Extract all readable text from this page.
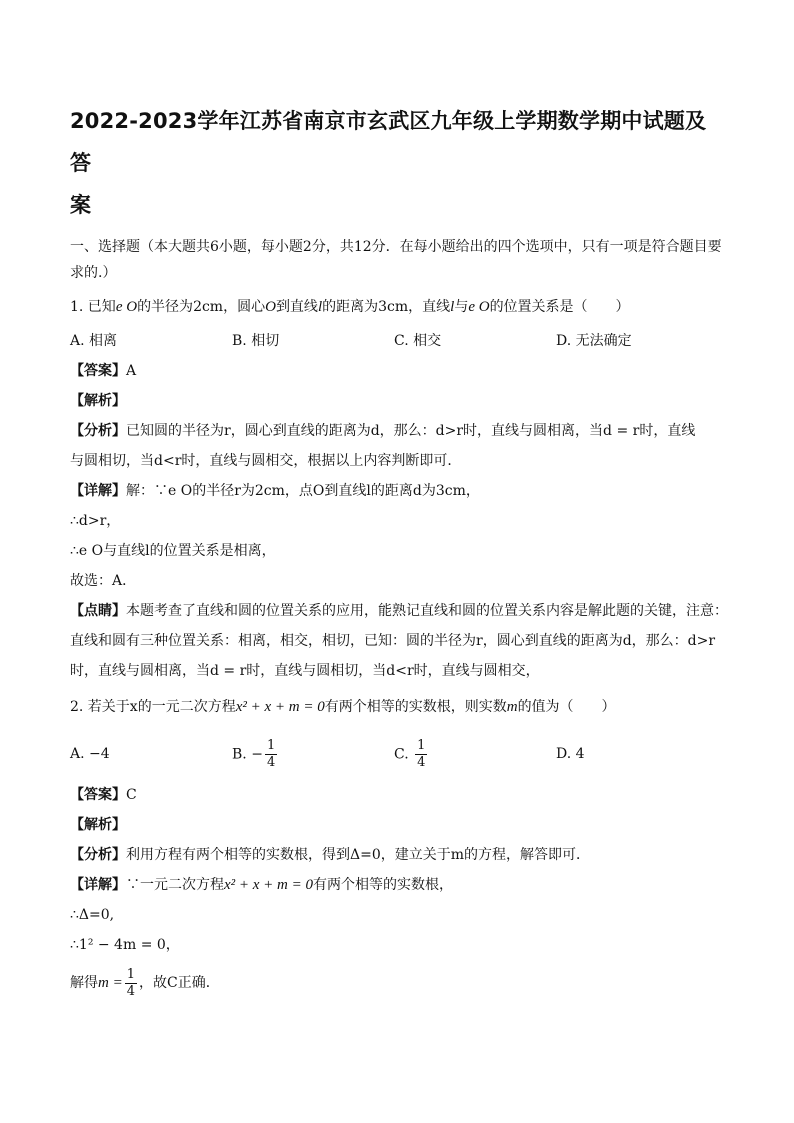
2022-2023学年江苏省南京市玄武区九年级上学期数学期中试题及答
案
一、选择题（本大题共6小题，每小题2分，共12分．在每小题给出的四个选项中，只有一项是符合题目要求的.）
1. 已知e O的半径为2cm，圆心O到直线l的距离为3cm，直线l与e O的位置关系是（　　）
A. 相离	B. 相切	C. 相交	D. 无法确定
【答案】A
【解析】
【分析】已知圆的半径为r，圆心到直线的距离为d，那么：d>r时，直线与圆相离，当d = r时，直线
与圆相切，当d<r时，直线与圆相交，根据以上内容判断即可．
【详解】解：∵e O的半径r为2cm，点O到直线l的距离d为3cm，
∴d>r，
∴e O与直线l的位置关系是相离，
故选：A．
【点睛】本题考查了直线和圆的位置关系的应用，能熟记直线和圆的位置关系内容是解此题的关键，注意：
直线和圆有三种位置关系：相离，相交，相切，已知：圆的半径为r，圆心到直线的距离为d，那么：d>r
时，直线与圆相离，当d = r时，直线与圆相切，当d<r时，直线与圆相交，
2. 若关于x的一元二次方程x² + x + m = 0有两个相等的实数根，则实数m的值为（　　）
A. −4	B. − $\frac{1}{4}$	C. $\frac{1}{4}$	D. 4
【答案】C
【解析】
【分析】利用方程有两个相等的实数根，得到Δ=0，建立关于m的方程，解答即可．
【详解】∵一元二次方程x² + x + m = 0有两个相等的实数根，
∴Δ=0,
∴1² − 4m = 0，
解得 $m = \frac{1}{4}$ ，故C正确．
